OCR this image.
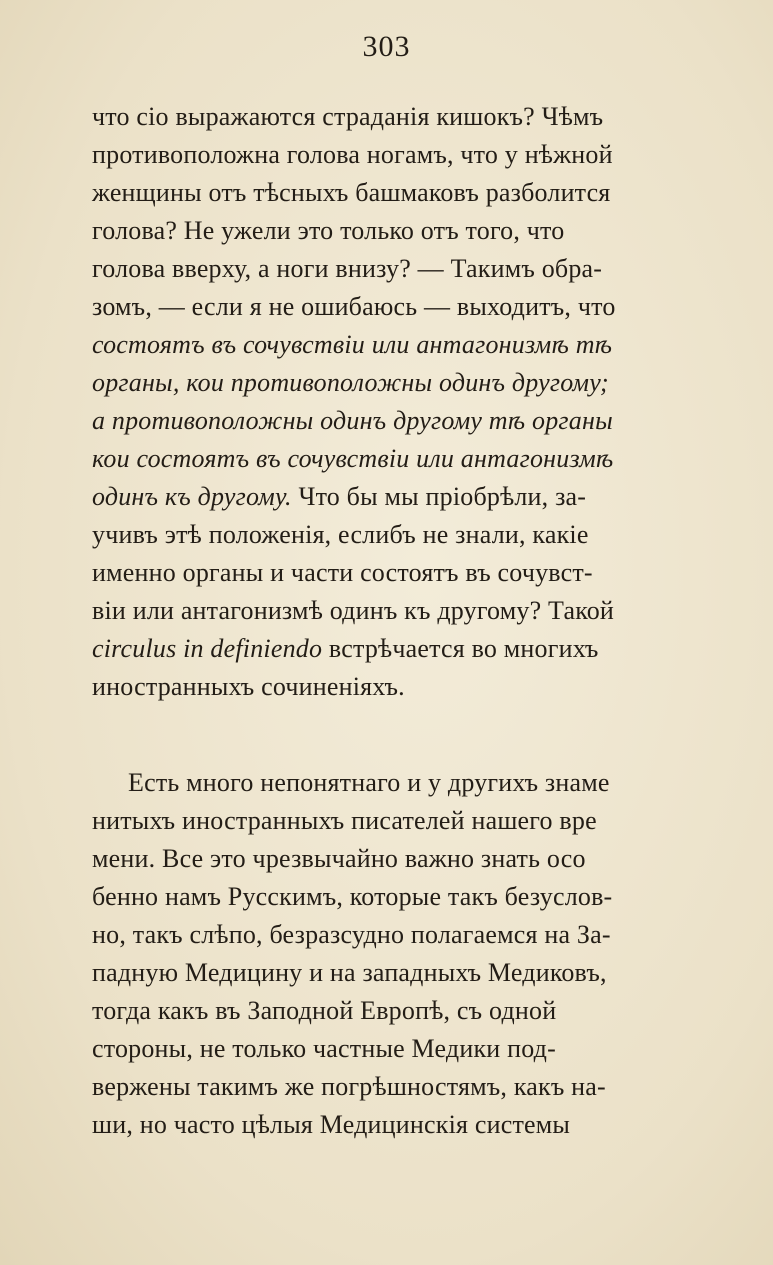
303
что сіо выражаются страданія кишокъ? Чѣмъ
противоположна голова ногамъ, что у нѣжной
женщины отъ тѣсныхъ башмаковъ разболится
голова? Не ужели это только отъ того, что
голова вверху, а ноги внизу? — Такимъ обра-
зомъ, — если я не ошибаюсь — выходитъ, что
состоятъ въ сочувствіи или антагонизмѣ тѣ
органы, кои противоположны одинъ другому;
а противоположны одинъ другому тѣ органы
кои состоятъ въ сочувствіи или антагонизмѣ
одинъ къ другому. Что бы мы пріобрѣли, за-
учивъ этѣ положенія, еслибъ не знали, какіе
именно органы и части состоятъ въ сочувст-
віи или антагонизмѣ одинъ къ другому? Такой
circulus in definiendo встрѣчается во многихъ
иностранныхъ сочиненіяхъ.
Есть много непонятнаго и у другихъ знаме
нитыхъ иностранныхъ писателей нашего вре
мени. Все это чрезвычайно важно знать осо
бенно намъ Русскимъ, которые такъ безуслов-
но, такъ слѣпо, безразсудно полагаемся на За-
падную Медицину и на западныхъ Медиковъ,
тогда какъ въ Заподной Европѣ, съ одной
стороны, не только частные Медики под-
вержены такимъ же погрѣшностямъ, какъ на-
ши, но часто цѣлыя Медицинскія системы
